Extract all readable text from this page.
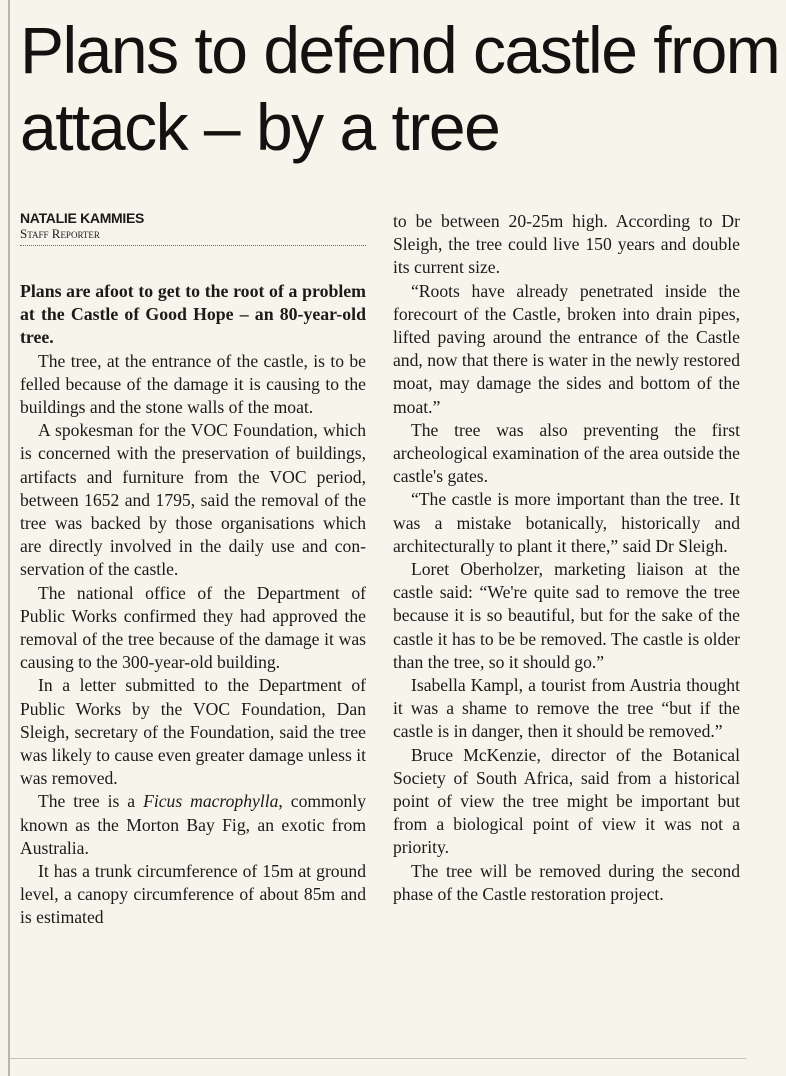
Plans to defend castle from attack – by a tree
NATALIE KAMMIES
Staff Reporter

Plans are afoot to get to the root of a problem at the Castle of Good Hope – an 80-year-old tree.

The tree, at the entrance of the castle, is to be felled because of the damage it is causing to the buildings and the stone walls of the moat.

A spokesman for the VOC Foundation, which is concerned with the preservation of buildings, artifacts and furniture from the VOC period, between 1652 and 1795, said the removal of the tree was backed by those organisations which are directly involved in the daily use and conservation of the castle.

The national office of the Department of Public Works confirmed they had approved the removal of the tree because of the damage it was causing to the 300-year-old building.

In a letter submitted to the Department of Public Works by the VOC Foundation, Dan Sleigh, secretary of the Foundation, said the tree was likely to cause even greater damage unless it was removed.

The tree is a Ficus macrophylla, commonly known as the Morton Bay Fig, an exotic from Australia.

It has a trunk circumference of 15m at ground level, a canopy circumference of about 85m and is estimated

to be between 20-25m high. According to Dr Sleigh, the tree could live 150 years and double its current size.

“Roots have already penetrated inside the forecourt of the Castle, broken into drain pipes, lifted paving around the entrance of the Castle and, now that there is water in the newly restored moat, may damage the sides and bottom of the moat.”

The tree was also preventing the first archeological examination of the area outside the castle's gates.

“The castle is more important than the tree. It was a mistake botanically, historically and architecturally to plant it there,” said Dr Sleigh.

Loret Oberholzer, marketing liaison at the castle said: “We're quite sad to remove the tree because it is so beautiful, but for the sake of the castle it has to be be removed. The castle is older than the tree, so it should go.”

Isabella Kampl, a tourist from Austria thought it was a shame to remove the tree “but if the castle is in danger, then it should be removed.”

Bruce McKenzie, director of the Botanical Society of South Africa, said from a historical point of view the tree might be important but from a biological point of view it was not a priority.

The tree will be removed during the second phase of the Castle restoration project.
